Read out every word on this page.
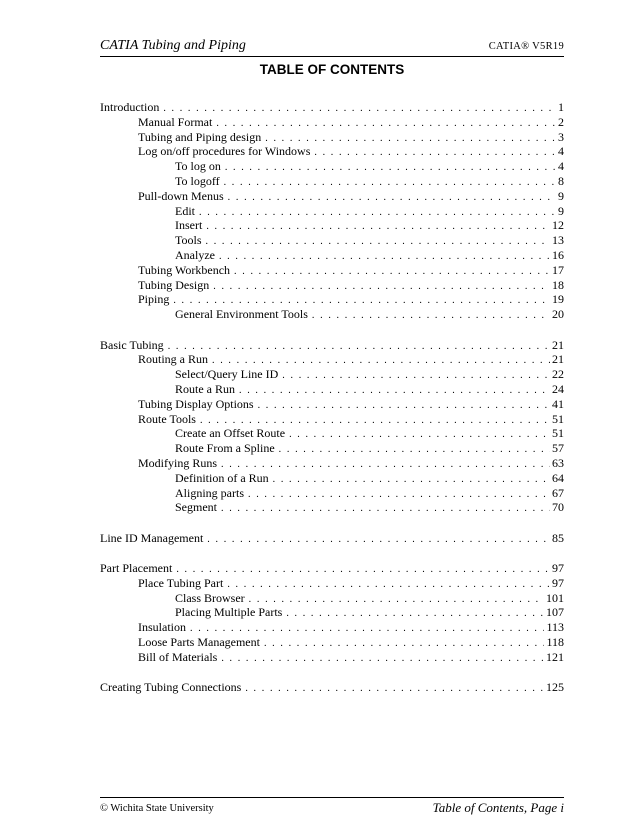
CATIA Tubing and Piping	CATIA® V5R19
TABLE OF CONTENTS
Introduction . . .	1
Manual Format . . .	2
Tubing and Piping design . . .	3
Log on/off procedures for Windows . . .	4
To log on . . .	4
To logoff . . .	8
Pull-down Menus . . .	9
Edit . . .	9
Insert . . .	12
Tools . . .	13
Analyze . . .	16
Tubing Workbench . . .	17
Tubing Design . . .	18
Piping . . .	19
General Environment Tools . . .	20
Basic Tubing . . .	21
Routing a Run . . .	21
Select/Query Line ID . . .	22
Route a Run . . .	24
Tubing Display Options . . .	41
Route Tools . . .	51
Create an Offset Route . . .	51
Route From a Spline . . .	57
Modifying Runs . . .	63
Definition of a Run . . .	64
Aligning parts . . .	67
Segment . . .	70
Line ID Management . . .	85
Part Placement . . .	97
Place Tubing Part . . .	97
Class Browser . . .	101
Placing Multiple Parts . . .	107
Insulation . . .	113
Loose Parts Management . . .	118
Bill of Materials . . .	121
Creating Tubing Connections . . .	125
© Wichita State University	Table of Contents, Page i
